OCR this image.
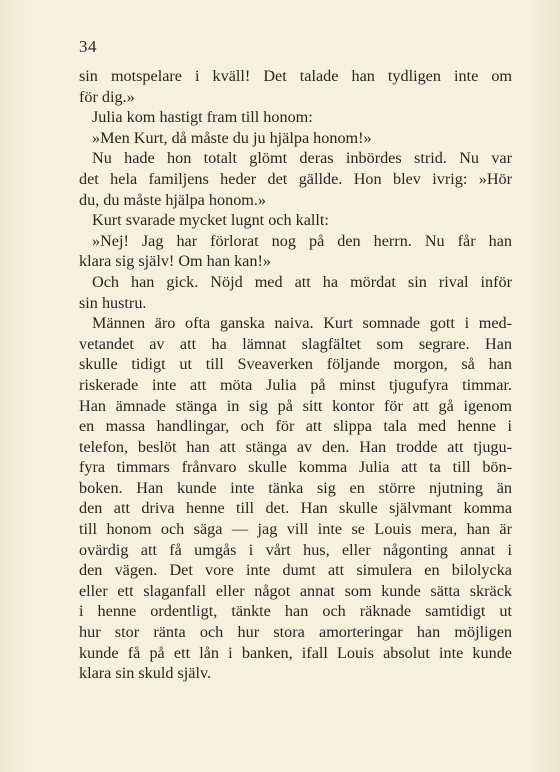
34
sin motspelare i kväll! Det talade han tydligen inte om
för dig.»
Julia kom hastigt fram till honom:
»Men Kurt, då måste du ju hjälpa honom!»
Nu hade hon totalt glömt deras inbördes strid. Nu var
det hela familjens heder det gällde. Hon blev ivrig: »Hör
du, du måste hjälpa honom.»
Kurt svarade mycket lugnt och kallt:
»Nej! Jag har förlorat nog på den herrn. Nu får han
klara sig själv! Om han kan!»
Och han gick. Nöjd med att ha mördat sin rival inför
sin hustru.
Männen äro ofta ganska naiva. Kurt somnade gott i med-
vetandet av att ha lämnat slagfältet som segrare. Han
skulle tidigt ut till Sveaverken följande morgon, så han
riskerade inte att möta Julia på minst tjugufyra timmar.
Han ämnade stänga in sig på sitt kontor för att gå igenom
en massa handlingar, och för att slippa tala med henne i
telefon, beslöt han att stänga av den. Han trodde att tjugu-
fyra timmars frånvaro skulle komma Julia att ta till bön-
boken. Han kunde inte tänka sig en större njutning än
den att driva henne till det. Han skulle självmant komma
till honom och säga — jag vill inte se Louis mera, han är
ovärdig att få umgås i vårt hus, eller någonting annat i
den vägen. Det vore inte dumt att simulera en bilolycka
eller ett slaganfall eller något annat som kunde sätta skräck
i henne ordentligt, tänkte han och räknade samtidigt ut
hur stor ränta och hur stora amorteringar han möjligen
kunde få på ett lån i banken, ifall Louis absolut inte kunde
klara sin skuld själv.
